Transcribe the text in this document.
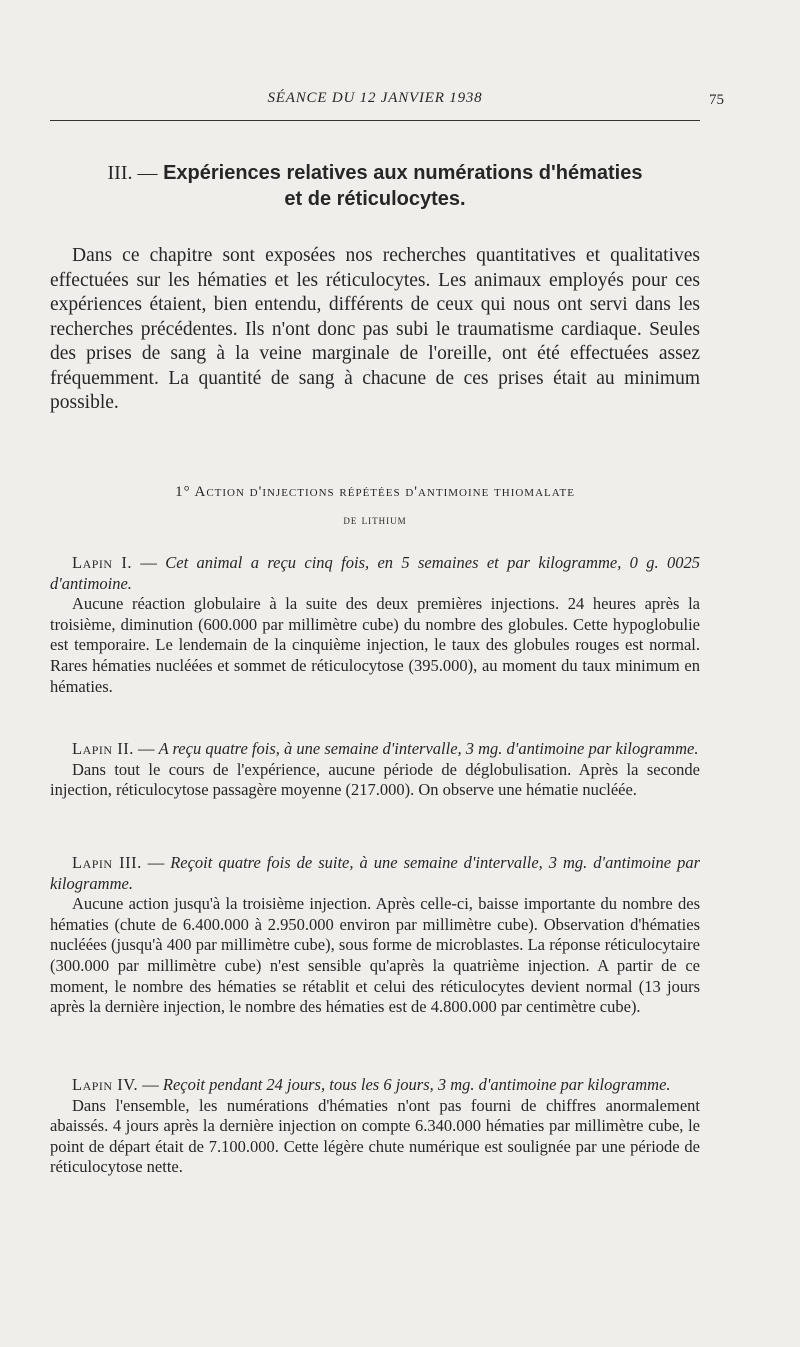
SÉANCE DU 12 JANVIER 1938	75
III. — Expériences relatives aux numérations d'hématies
et de réticulocytes.

Dans ce chapitre sont exposées nos recherches quantitatives et qualitatives effectuées sur les hématies et les réticulocytes. Les animaux employés pour ces expériences étaient, bien entendu, différents de ceux qui nous ont servi dans les recherches précédentes. Ils n'ont donc pas subi le traumatisme cardiaque. Seules des prises de sang à la veine marginale de l'oreille, ont été effectuées assez fréquemment. La quantité de sang à chacune de ces prises était au minimum possible.

1° Action d'injections répétées d'antimoine thiomalate
de lithium

Lapin I. — Cet animal a reçu cinq fois, en 5 semaines et par kilogramme, 0 g. 0025 d'antimoine.

Aucune réaction globulaire à la suite des deux premières injections. 24 heures après la troisième, diminution (600.000 par millimètre cube) du nombre des globules. Cette hypoglobulie est temporaire. Le lendemain de la cinquième injection, le taux des globules rouges est normal. Rares hématies nucléées et sommet de réticulocytose (395.000), au moment du taux minimum en hématies.

Lapin II. — A reçu quatre fois, à une semaine d'intervalle, 3 mg. d'antimoine par kilogramme.

Dans tout le cours de l'expérience, aucune période de déglobulisation. Après la seconde injection, réticulocytose passagère moyenne (217.000). On observe une hématie nucléée.

Lapin III. — Reçoit quatre fois de suite, à une semaine d'intervalle, 3 mg. d'antimoine par kilogramme.

Aucune action jusqu'à la troisième injection. Après celle-ci, baisse importante du nombre des hématies (chute de 6.400.000 à 2.950.000 environ par millimètre cube). Observation d'hématies nucléées (jusqu'à 400 par millimètre cube), sous forme de microblastes. La réponse réticulocytaire (300.000 par millimètre cube) n'est sensible qu'après la quatrième injection. A partir de ce moment, le nombre des hématies se rétablit et celui des réticulocytes devient normal (13 jours après la dernière injection, le nombre des hématies est de 4.800.000 par centimètre cube).

Lapin IV. — Reçoit pendant 24 jours, tous les 6 jours, 3 mg. d'antimoine par kilogramme.

Dans l'ensemble, les numérations d'hématies n'ont pas fourni de chiffres anormalement abaissés. 4 jours après la dernière injection on compte 6.340.000 hématies par millimètre cube, le point de départ était de 7.100.000. Cette légère chute numérique est soulignée par une période de réticulocytose nette.
